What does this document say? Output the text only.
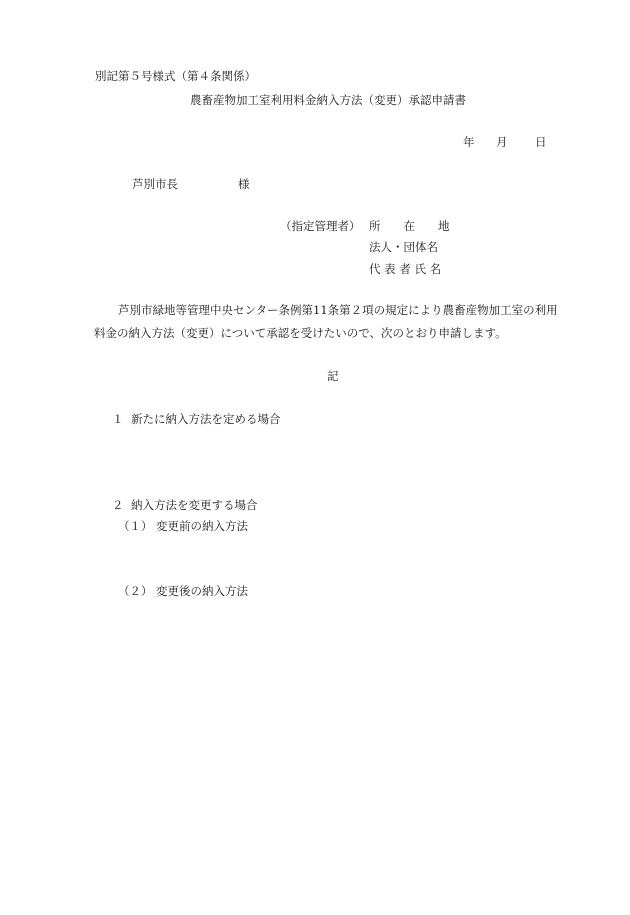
別記第５号様式（第４条関係）
農畜産物加工室利用料金納入方法（変更）承認申請書
年 月 日
芦別市長	様
（指定管理者） 所　　在　　地
法人・団体名
代 表 者 氏 名
芦別市緑地等管理中央センター条例第11条第２項の規定により農畜産物加工室の利用
料金の納入方法（変更）について承認を受けたいので、次のとおり申請します。
記
１ 新たに納入方法を定める場合
２ 納入方法を変更する場合
（１） 変更前の納入方法
（２） 変更後の納入方法
